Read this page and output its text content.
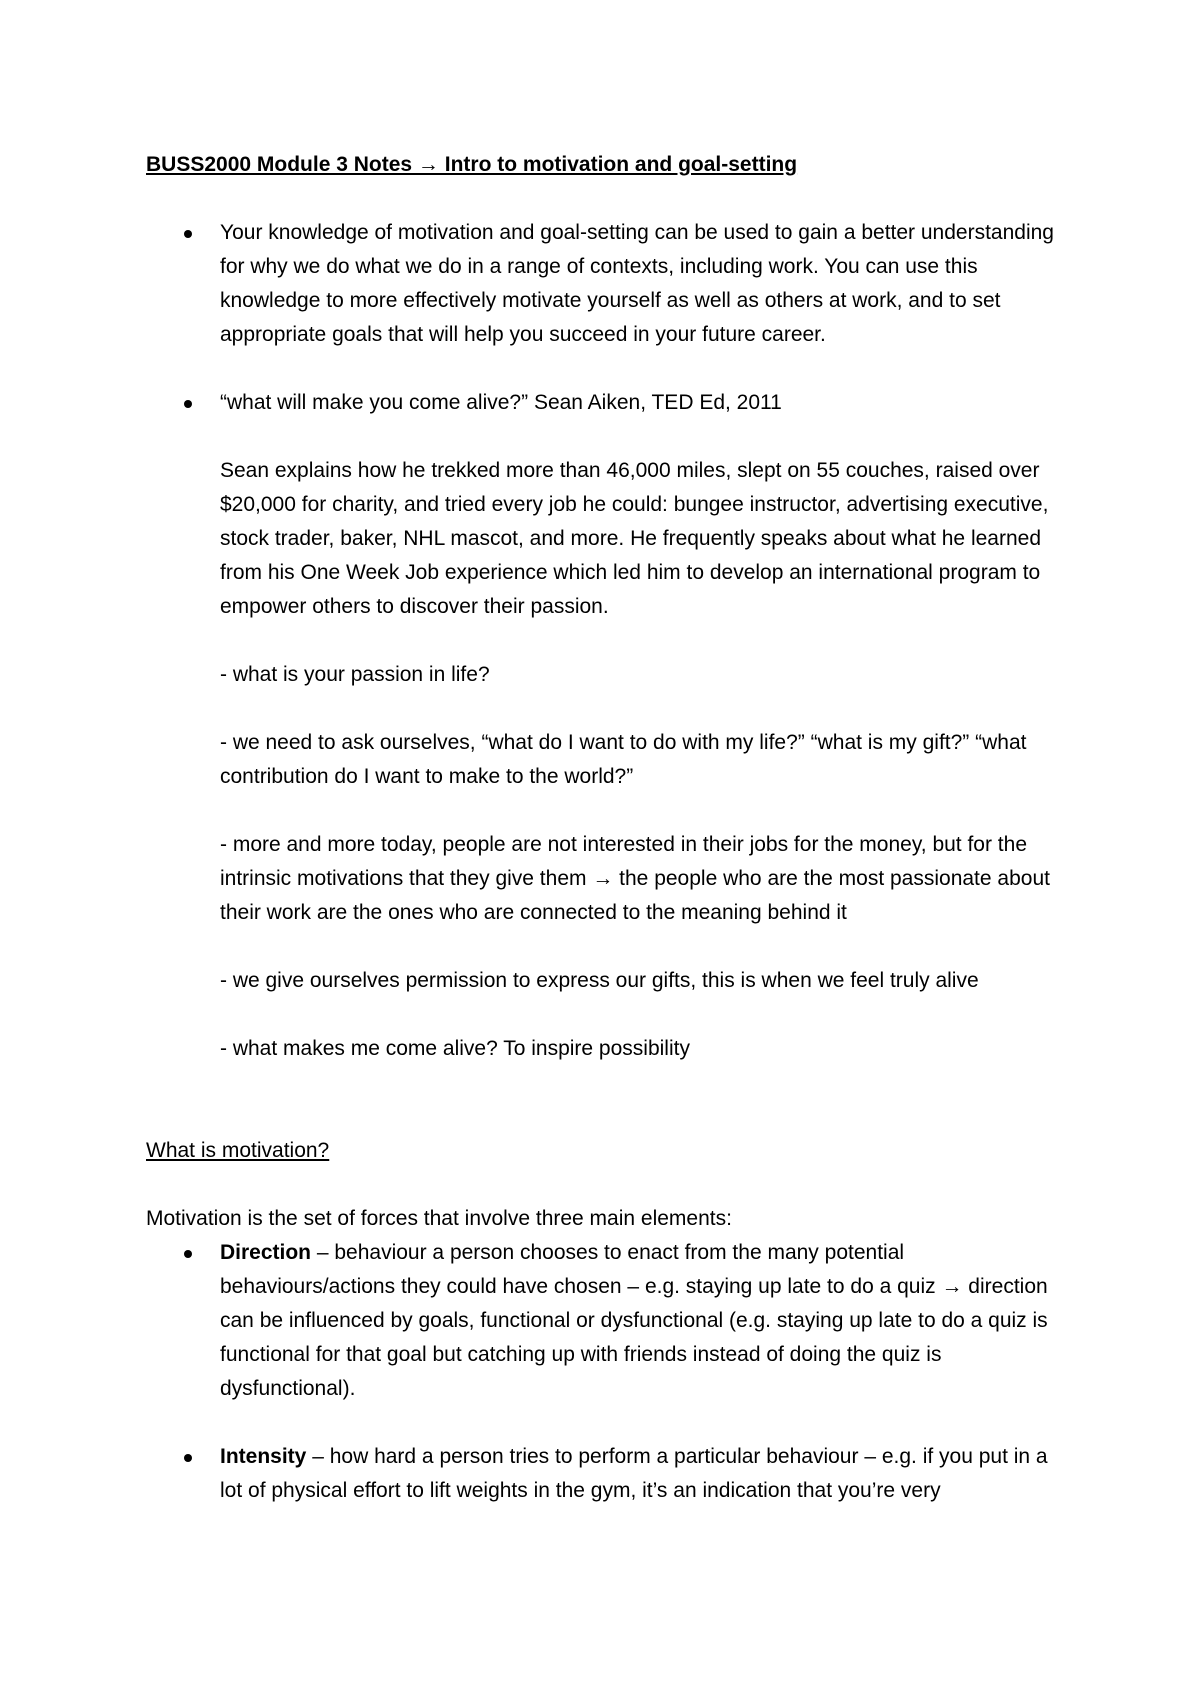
BUSS2000 Module 3 Notes → Intro to motivation and goal-setting
Your knowledge of motivation and goal-setting can be used to gain a better understanding for why we do what we do in a range of contexts, including work. You can use this knowledge to more effectively motivate yourself as well as others at work, and to set appropriate goals that will help you succeed in your future career.
“what will make you come alive?” Sean Aiken, TED Ed, 2011
Sean explains how he trekked more than 46,000 miles, slept on 55 couches, raised over $20,000 for charity, and tried every job he could: bungee instructor, advertising executive, stock trader, baker, NHL mascot, and more. He frequently speaks about what he learned from his One Week Job experience which led him to develop an international program to empower others to discover their passion.
- what is your passion in life?
- we need to ask ourselves, “what do I want to do with my life?” “what is my gift?” “what contribution do I want to make to the world?”
- more and more today, people are not interested in their jobs for the money, but for the intrinsic motivations that they give them → the people who are the most passionate about their work are the ones who are connected to the meaning behind it
- we give ourselves permission to express our gifts, this is when we feel truly alive
- what makes me come alive? To inspire possibility
What is motivation?
Motivation is the set of forces that involve three main elements:
Direction – behaviour a person chooses to enact from the many potential behaviours/actions they could have chosen – e.g. staying up late to do a quiz → direction can be influenced by goals, functional or dysfunctional (e.g. staying up late to do a quiz is functional for that goal but catching up with friends instead of doing the quiz is dysfunctional).
Intensity – how hard a person tries to perform a particular behaviour – e.g. if you put in a lot of physical effort to lift weights in the gym, it’s an indication that you’re very
